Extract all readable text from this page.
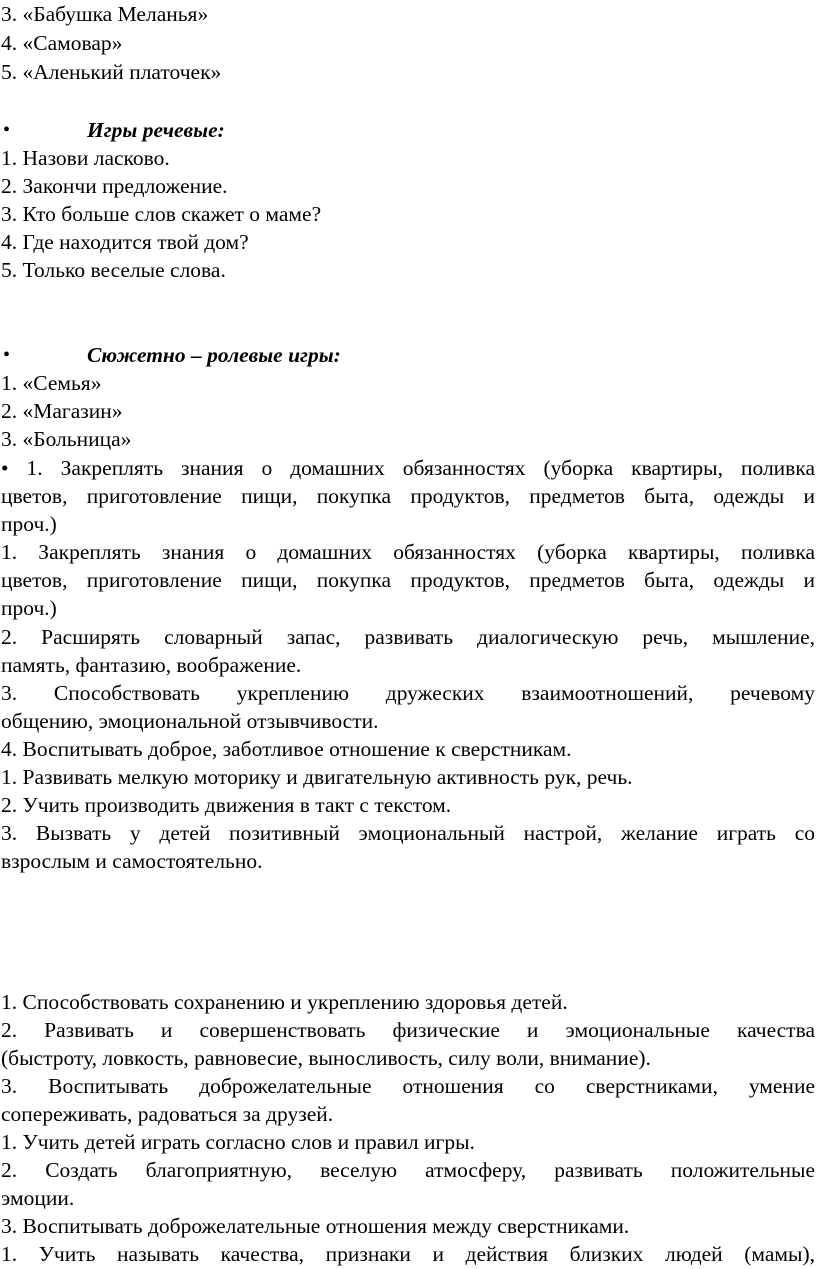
3. «Бабушка Меланья»

4. «Самовар»

5. «Аленький платочек»

•	Игры речевые:

1. Назови ласково.

2. Закончи предложение.

3. Кто больше слов скажет о маме?

4. Где находится твой дом?

5. Только веселые слова.

•	Сюжетно – ролевые игры:

1. «Семья»

2. «Магазин»

3. «Больница»

• 1. Закреплять знания о домашних обязанностях (уборка квартиры, поливка

цветов, приготовление пищи, покупка продуктов, предметов быта, одежды и

проч.)

1. Закреплять знания о домашних обязанностях (уборка квартиры, поливка

цветов, приготовление пищи, покупка продуктов, предметов быта, одежды и

проч.)

2. Расширять словарный запас, развивать диалогическую речь, мышление,

память, фантазию, воображение.

3. Способствовать укреплению дружеских взаимоотношений, речевому

общению, эмоциональной отзывчивости.

4. Воспитывать доброе, заботливое отношение к сверстникам.

1. Развивать мелкую моторику и двигательную активность рук, речь.

2. Учить производить движения в такт с текстом.

3. Вызвать у детей позитивный эмоциональный настрой, желание играть со

взрослым и самостоятельно.

1. Способствовать сохранению и укреплению здоровья детей.

2. Развивать и совершенствовать физические и эмоциональные качества

(быстроту, ловкость, равновесие, выносливость, силу воли, внимание).

3. Воспитывать доброжелательные отношения со сверстниками, умение

сопереживать, радоваться за друзей.

1. Учить детей играть согласно слов и правил игры.

2. Создать благоприятную, веселую атмосферу, развивать положительные

эмоции.

3. Воспитывать доброжелательные отношения между сверстниками.

1. Учить называть качества, признаки и действия близких людей (мамы),
